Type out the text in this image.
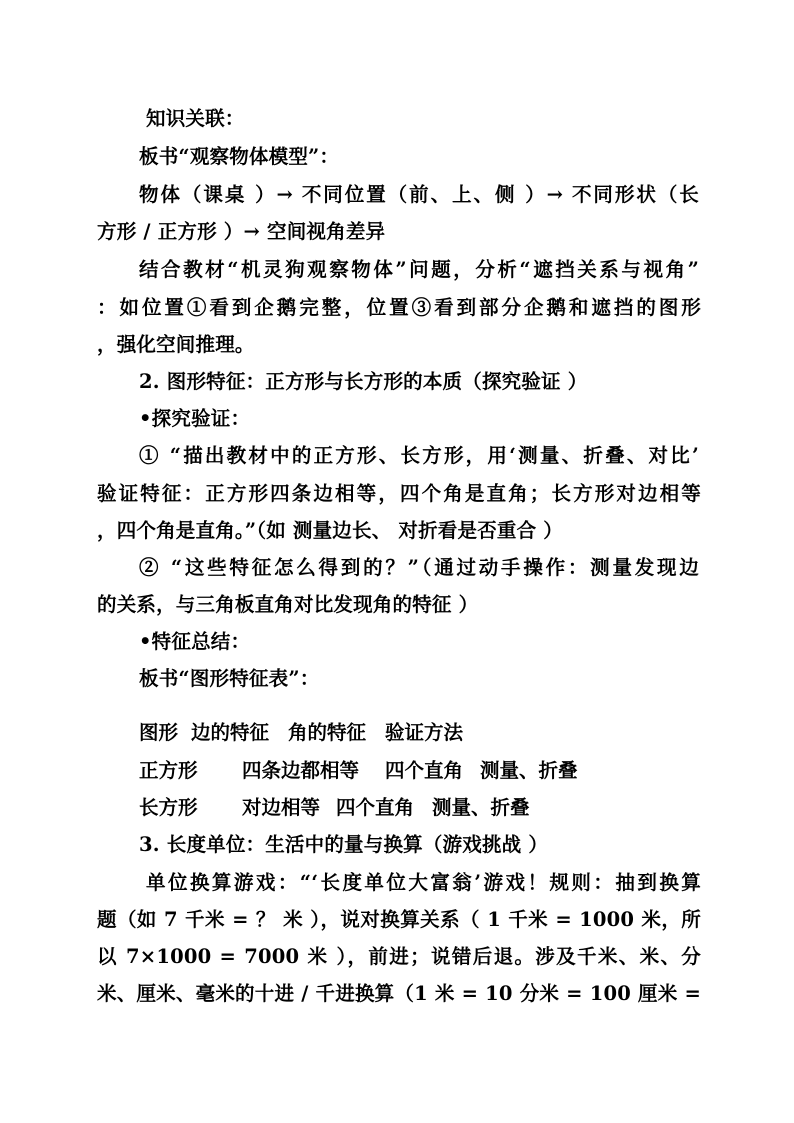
知识关联：
板书“观察物体模型”：
物体（课桌 ）→ 不同位置（前、上、侧 ）→ 不同形状（长
方形 / 正方形 ）→ 空间视角差异
结合教材“机灵狗观察物体”问题，分析“遮挡关系与视角”
：如位置①看到企鹅完整，位置③看到部分企鹅和遮挡的图形
，强化空间推理。
2. 图形特征：正方形与长方形的本质（探究验证 ）
•探究验证：
① “描出教材中的正方形、长方形，用‘测量、折叠、对比’
验证特征：正方形四条边相等，四个角是直角；长方形对边相等
，四个角是直角。”（如 测量边长、 对折看是否重合 ）
② “这些特征怎么得到的？”（通过动手操作：测量发现边
的关系，与三角板直角对比发现角的特征 ）
•特征总结：
板书“图形特征表”：
图形 边的特征 角的特征 验证方法
正方形 四条边都相等 四个直角 测量、折叠
长方形 对边相等 四个直角 测量、折叠
3. 长度单位：生活中的量与换算（游戏挑战 ）
单位换算游戏：“‘长度单位大富翁’游戏！规则：抽到换算
题（如 7 千米 = ？ 米 ），说对换算关系（ 1 千米 = 1000 米，所
以 7×1000 = 7000 米 ），前进；说错后退。涉及千米、米、分
米、厘米、毫米的十进 / 千进换算（1 米 = 10 分米 = 100 厘米 =
